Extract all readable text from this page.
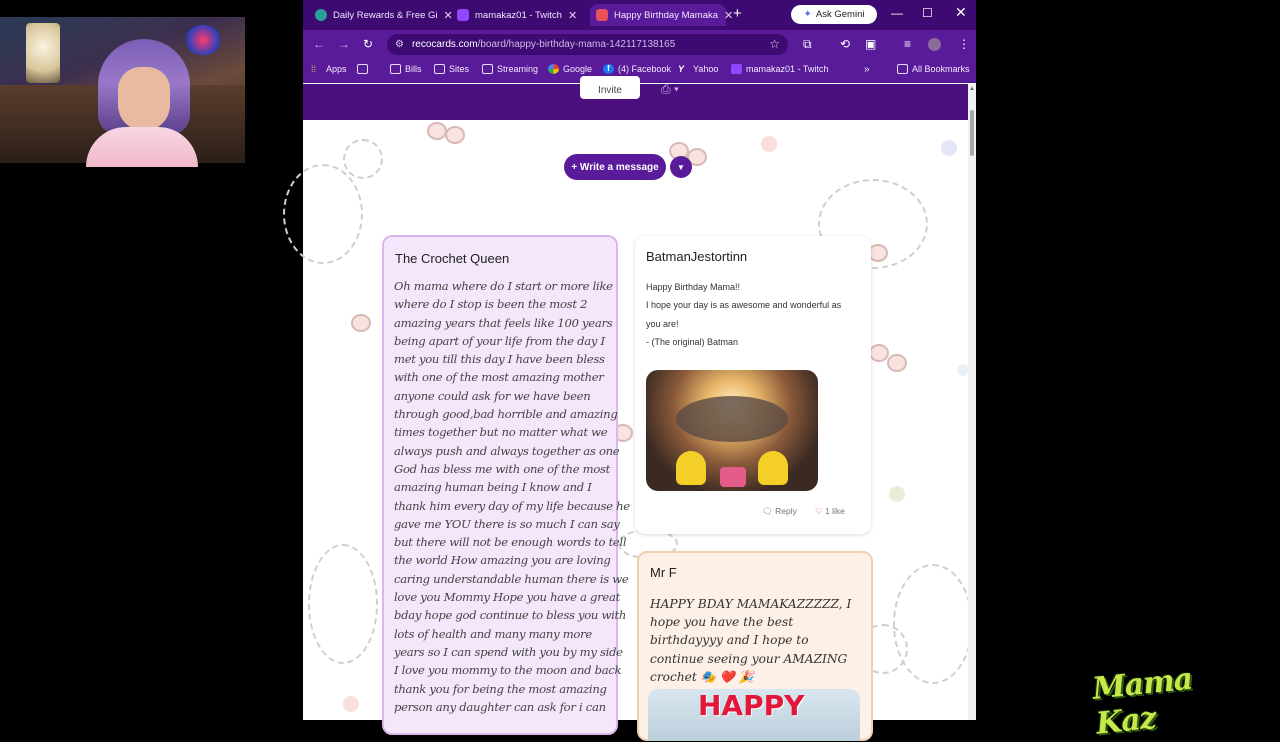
Daily Rewards & Free Gi ✕ mamakaz01 - Twitch ✕	Happy Birthday Mamaka ✕ +	✦ Ask Gemini — ☐ ✕
← → ↻ ⚙ recocards.com/board/happy-birthday-mama-142117138165	☆ ⧉ ⟲ ▣ ≡	⋮
⁞⁞	Apps	Bills	Sites	Streaming	Google	f (4) Facebook Y Yahoo	mamakaz01 - Twitch	»	All Bookmarks
Invite	⎙ ▾
+ Write a message ▼
The Crochet Queen
Oh mama where do I start or more like
where do I stop is been the most 2
amazing years that feels like 100 years
being apart of your life from the day I
met you till this day I have been bless
with one of the most amazing mother
anyone could ask for we have been
through good,bad horrible and amazing
times together but no matter what we
always push and always together as one
God has bless me with one of the most
amazing human being I know and I
thank him every day of my life because he
gave me YOU there is so much I can say
but there will not be enough words to tell
the world How amazing you are loving
caring understandable human there is we
love you Mommy Hope you have a great
bday hope god continue to bless you with
lots of health and many many more
years so I can spend with you by my side
I love you mommy to the moon and back
thank you for being the most amazing
person any daughter can ask for i can
BatmanJestortinn
Happy Birthday Mama!!
I hope your day is as awesome and wonderful as
you are!
- (The original) Batman
🗨 Reply ♡ 1 like
Mr F
HAPPY BDAY MAMAKAZZZZZ, I
hope you have the best
birthdayyyy and I hope to
continue seeing your AMAZING
crochet 🎭 ❤️ 🎉
HAPPY
▲
Mama Kaz
